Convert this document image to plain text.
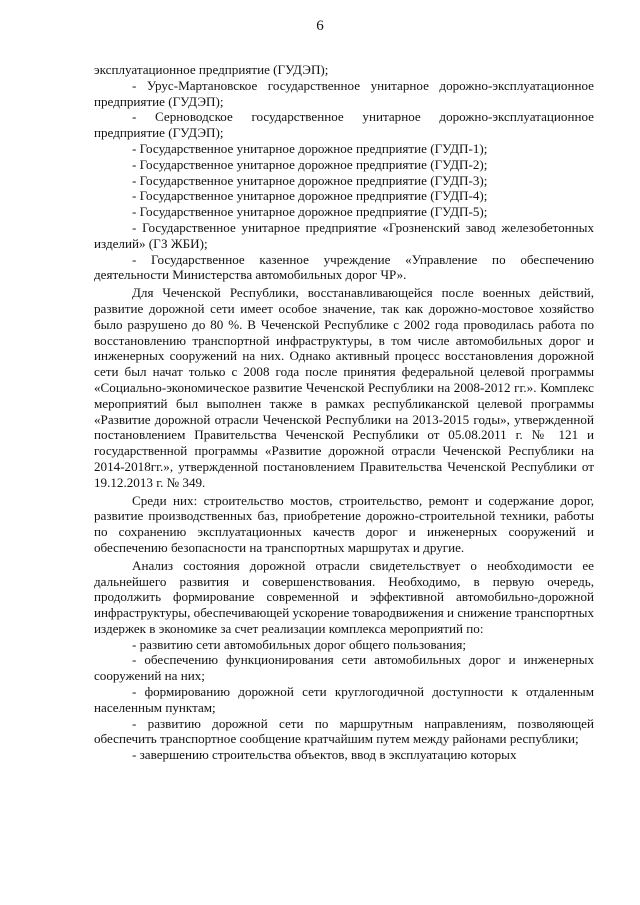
6

эксплуатационное предприятие (ГУДЭП);

- Урус-Мартановское государственное унитарное дорожно-эксплуатационное предприятие (ГУДЭП);

- Серноводское государственное унитарное дорожно-эксплуатационное предприятие (ГУДЭП);

- Государственное унитарное дорожное предприятие (ГУДП-1);

- Государственное унитарное дорожное предприятие (ГУДП-2);

- Государственное унитарное дорожное предприятие (ГУДП-3);

- Государственное унитарное дорожное предприятие (ГУДП-4);

- Государственное унитарное дорожное предприятие (ГУДП-5);

- Государственное унитарное предприятие «Грозненский завод железобетонных изделий» (ГЗ ЖБИ);

- Государственное казенное учреждение «Управление по обеспечению деятельности Министерства автомобильных дорог ЧР».

Для Чеченской Республики, восстанавливающейся после военных действий, развитие дорожной сети имеет особое значение, так как дорожно-мостовое хозяйство было разрушено до 80 %. В Чеченской Республике с 2002 года проводилась работа по восстановлению транспортной инфраструктуры, в том числе автомобильных дорог и инженерных сооружений на них. Однако активный процесс восстановления дорожной сети был начат только с 2008 года после принятия федеральной целевой программы «Социально-экономическое развитие Чеченской Республики на 2008-2012 гг.». Комплекс мероприятий был выполнен также в рамках республиканской целевой программы «Развитие дорожной отрасли Чеченской Республики на 2013-2015 годы», утвержденной постановлением Правительства Чеченской Республики от 05.08.2011 г. № 121 и государственной программы «Развитие дорожной отрасли Чеченской Республики на 2014-2018гг.», утвержденной постановлением Правительства Чеченской Республики от 19.12.2013 г. № 349.

Среди них: строительство мостов, строительство, ремонт и содержание дорог, развитие производственных баз, приобретение дорожно-строительной техники, работы по сохранению эксплуатационных качеств дорог и инженерных сооружений и обеспечению безопасности на транспортных маршрутах и другие.

Анализ состояния дорожной отрасли свидетельствует о необходимости ее дальнейшего развития и совершенствования. Необходимо, в первую очередь, продолжить формирование современной и эффективной автомобильно-дорожной инфраструктуры, обеспечивающей ускорение товародвижения и снижение транспортных издержек в экономике за счет реализации комплекса мероприятий по:

- развитию сети автомобильных дорог общего пользования;

- обеспечению функционирования сети автомобильных дорог и инженерных сооружений на них;

- формированию дорожной сети круглогодичной доступности к отдаленным населенным пунктам;

- развитию дорожной сети по маршрутным направлениям, позволяющей обеспечить транспортное сообщение кратчайшим путем между районами республики;

- завершению строительства объектов, ввод в эксплуатацию которых
